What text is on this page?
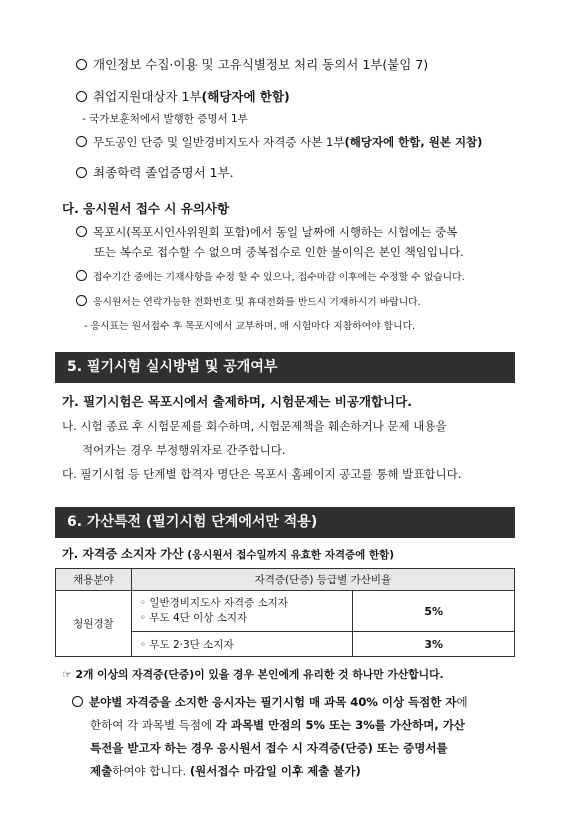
개인정보 수집·이용 및 고유식별정보 처리 동의서 1부(붙임 7)
취업지원대상자 1부(해당자에 한함)
- 국가보훈처에서 발행한 증명서 1부
무도공인 단증 및 일반경비지도사 자격증 사본 1부(해당자에 한함, 원본 지참)
최종학력 졸업증명서 1부.
다. 응시원서 접수 시 유의사항
목포시(목포시인사위원회 포함)에서 동일 날짜에 시행하는 시험에는 중복
또는 복수로 접수할 수 없으며 중복접수로 인한 불이익은 본인 책임입니다.
접수기간 중에는 기재사항을 수정 할 수 있으나, 접수마감 이후에는 수정할 수 없습니다.
응시원서는 연락가능한 전화번호 및 휴대전화를 반드시 기재하시기 바랍니다.
- 응시표는 원서접수 후 목포시에서 교부하며, 매 시험마다 지참하여야 합니다.
5. 필기시험 실시방법 및 공개여부
가. 필기시험은 목포시에서 출제하며, 시험문제는 비공개합니다.
나. 시험 종료 후 시험문제를 회수하며, 시험문제책을 훼손하거나 문제 내용을
적어가는 경우 부정행위자로 간주합니다.
다. 필기시험 등 단계별 합격자 명단은 목포시 홈페이지 공고를 통해 발표합니다.
6. 가산특전 (필기시험 단계에서만 적용)
가. 자격증 소지자 가산 (응시원서 접수일까지 유효한 자격증에 한함)
채용분야	자격증(단증) 등급별 가산비율	
청원경찰	◦ 일반경비지도사 자격증 소지자
◦ 무도 4단 이상 소지자	5%
	◦ 무도 2·3단 소지자	3%
☞ 2개 이상의 자격증(단증)이 있을 경우 본인에게 유리한 것 하나만 가산합니다.
분야별 자격증을 소지한 응시자는 필기시험 매 과목 40% 이상 득점한 자에
한하여 각 과목별 득점에 각 과목별 만점의 5% 또는 3%를 가산하며, 가산
특전을 받고자 하는 경우 응시원서 접수 시 자격증(단증) 또는 증명서를
제출하여야 합니다. (원서접수 마감일 이후 제출 불가)
